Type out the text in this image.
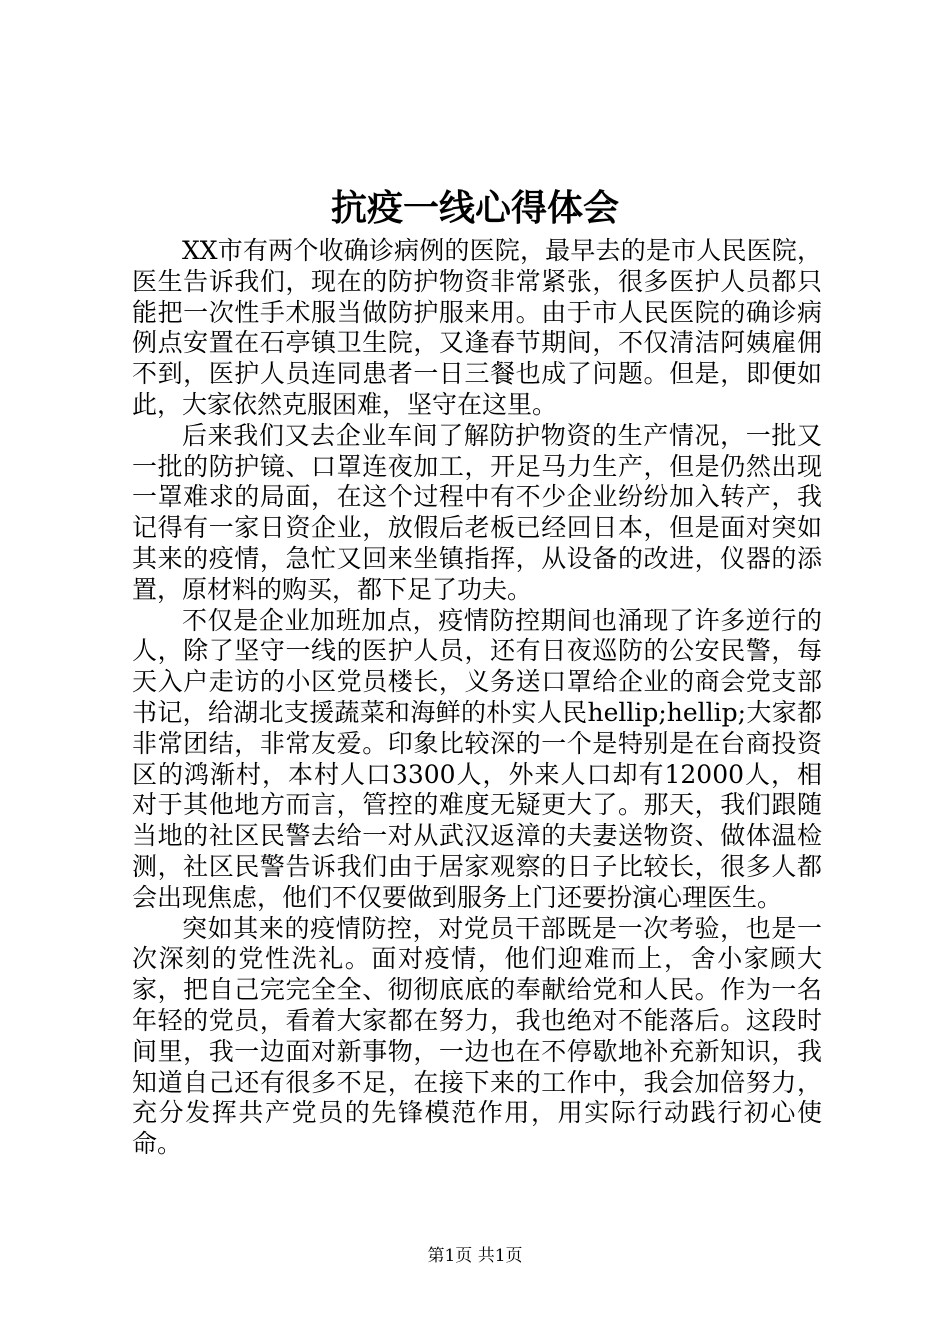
抗疫一线心得体会

XX市有两个收确诊病例的医院，最早去的是市人民医院，医生告诉我们，现在的防护物资非常紧张，很多医护人员都只能把一次性手术服当做防护服来用。由于市人民医院的确诊病例点安置在石亭镇卫生院，又逢春节期间，不仅清洁阿姨雇佣不到，医护人员连同患者一日三餐也成了问题。但是，即便如此，大家依然克服困难，坚守在这里。

后来我们又去企业车间了解防护物资的生产情况，一批又一批的防护镜、口罩连夜加工，开足马力生产，但是仍然出现一罩难求的局面，在这个过程中有不少企业纷纷加入转产，我记得有一家日资企业，放假后老板已经回日本，但是面对突如其来的疫情，急忙又回来坐镇指挥，从设备的改进，仪器的添置，原材料的购买，都下足了功夫。

不仅是企业加班加点，疫情防控期间也涌现了许多逆行的人，除了坚守一线的医护人员，还有日夜巡防的公安民警，每天入户走访的小区党员楼长，义务送口罩给企业的商会党支部书记，给湖北支援蔬菜和海鲜的朴实人民hellip;hellip;大家都非常团结，非常友爱。印象比较深的一个是特别是在台商投资区的鸿渐村，本村人口3300人，外来人口却有12000人，相对于其他地方而言，管控的难度无疑更大了。那天，我们跟随当地的社区民警去给一对从武汉返漳的夫妻送物资、做体温检测，社区民警告诉我们由于居家观察的日子比较长，很多人都会出现焦虑，他们不仅要做到服务上门还要扮演心理医生。

突如其来的疫情防控，对党员干部既是一次考验，也是一次深刻的党性洗礼。面对疫情，他们迎难而上，舍小家顾大家，把自己完完全全、彻彻底底的奉献给党和人民。作为一名年轻的党员，看着大家都在努力，我也绝对不能落后。这段时间里，我一边面对新事物，一边也在不停歇地补充新知识，我知道自己还有很多不足，在接下来的工作中，我会加倍努力，充分发挥共产党员的先锋模范作用，用实际行动践行初心使命。

第1页 共1页
